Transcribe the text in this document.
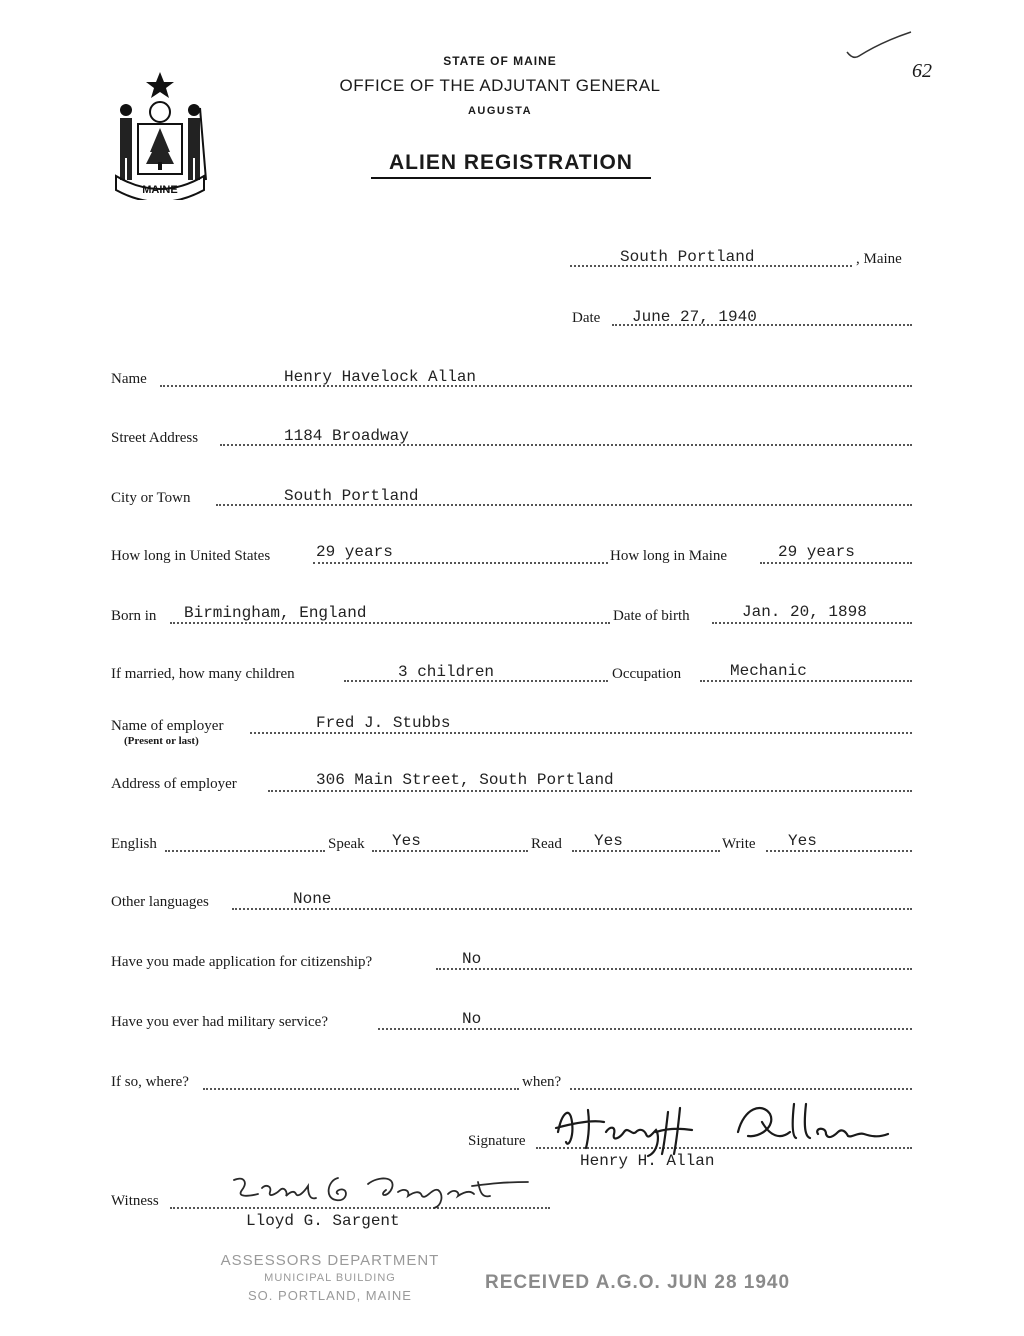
MAINE
STATE OF MAINE
OFFICE OF THE ADJUTANT GENERAL
AUGUSTA
ALIEN REGISTRATION
62
South Portland	, Maine
Date June 27, 1940
Name	Henry Havelock Allan
Street Address	1184 Broadway
City or Town	South Portland
How long in United States	29 years	How long in Maine	29 years
Born in Birmingham, England	Date of birth	Jan. 20, 1898
If married, how many children	3 children	Occupation	Mechanic
Name of employer
(Present or last)
Fred J. Stubbs
Address of employer	306 Main Street, South Portland
English	Speak Yes	Read Yes	Write Yes
Other languages	None
Have you made application for citizenship?	No
Have you ever had military service?	No
If so, where?	when?
Signature
Henry H. Allan
Witness
Lloyd G. Sargent
ASSESSORS DEPARTMENT
MUNICIPAL BUILDING
SO. PORTLAND, MAINE
RECEIVED A.G.O. JUN 28 1940
